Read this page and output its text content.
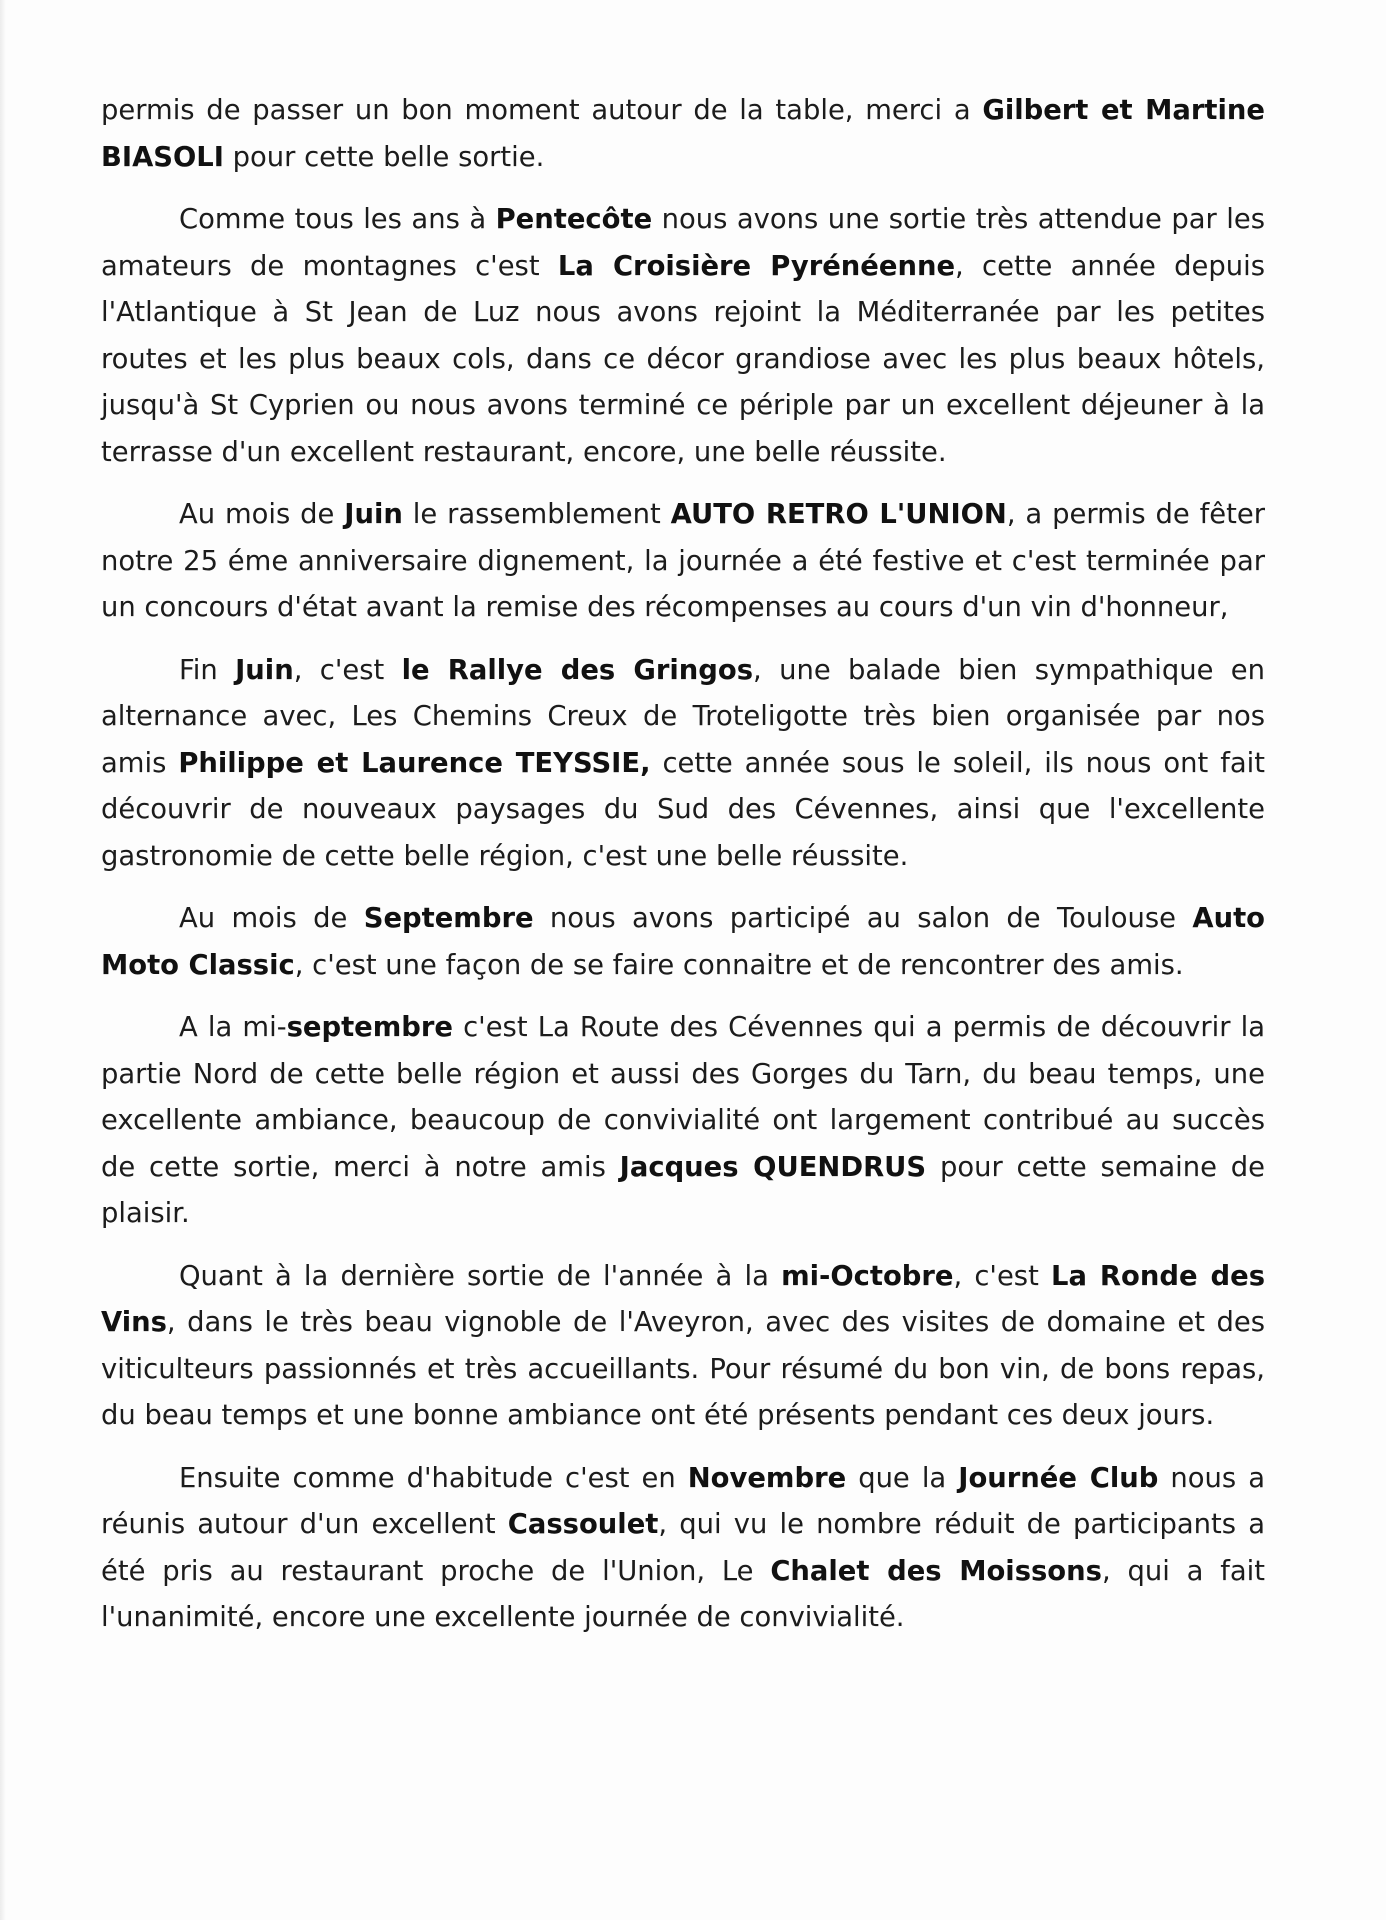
permis de passer un bon moment autour de la table, merci a Gilbert et Martine BIASOLI pour cette belle sortie.

Comme tous les ans à Pentecôte nous avons une sortie très attendue par les amateurs de montagnes c'est La Croisière Pyrénéenne, cette année depuis l'Atlantique à St Jean de Luz nous avons rejoint la Méditerranée par les petites routes et les plus beaux cols, dans ce décor grandiose avec les plus beaux hôtels, jusqu'à St Cyprien ou nous avons terminé ce périple par un excellent déjeuner à la terrasse d'un excellent restaurant, encore, une belle réussite.

Au mois de Juin le rassemblement AUTO RETRO L'UNION, a permis de fêter notre 25 éme anniversaire dignement, la journée a été festive et c'est terminée par un concours d'état avant la remise des récompenses au cours d'un vin d'honneur,

Fin Juin, c'est le Rallye des Gringos, une balade bien sympathique en alternance avec, Les Chemins Creux de Troteligotte très bien organisée par nos amis Philippe et Laurence TEYSSIE, cette année sous le soleil, ils nous ont fait découvrir de nouveaux paysages du Sud des Cévennes, ainsi que l'excellente gastronomie de cette belle région, c'est une belle réussite.

Au mois de Septembre nous avons participé au salon de Toulouse Auto Moto Classic, c'est une façon de se faire connaitre et de rencontrer des amis.

A la mi-septembre c'est La Route des Cévennes qui a permis de découvrir la partie Nord de cette belle région et aussi des Gorges du Tarn, du beau temps, une excellente ambiance, beaucoup de convivialité ont largement contribué au succès de cette sortie, merci à notre amis Jacques QUENDRUS pour cette semaine de plaisir.

Quant à la dernière sortie de l'année à la mi-Octobre, c'est La Ronde des Vins, dans le très beau vignoble de l'Aveyron, avec des visites de domaine et des viticulteurs passionnés et très accueillants. Pour résumé du bon vin, de bons repas, du beau temps et une bonne ambiance ont été présents pendant ces deux jours.

Ensuite comme d'habitude c'est en Novembre que la Journée Club nous a réunis autour d'un excellent Cassoulet, qui vu le nombre réduit de participants a été pris au restaurant proche de l'Union, Le Chalet des Moissons, qui a fait l'unanimité, encore une excellente journée de convivialité.
